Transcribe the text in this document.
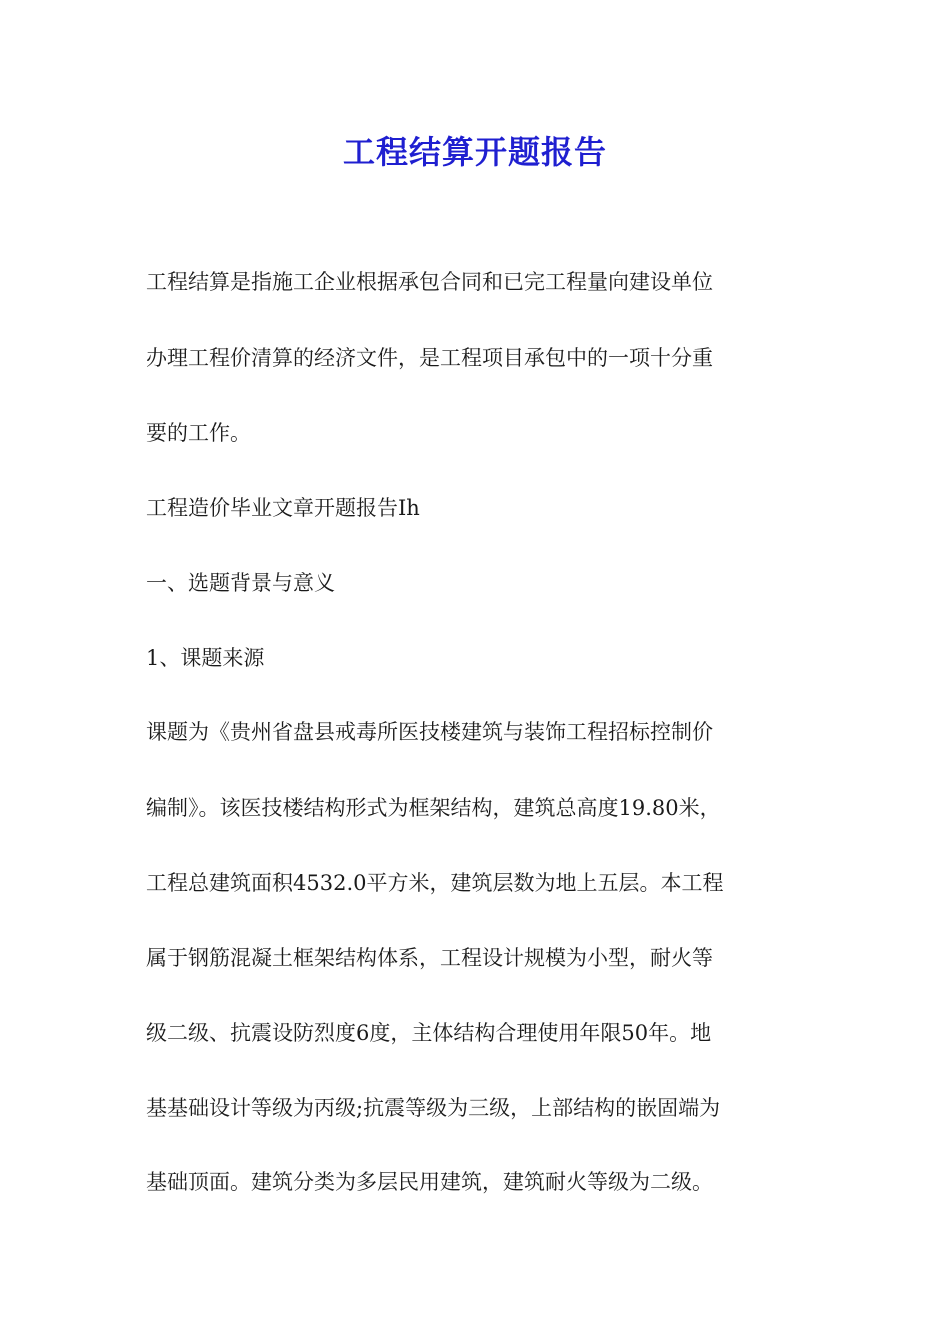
工程结算开题报告

工程结算是指施工企业根据承包合同和已完工程量向建设单位

办理工程价清算的经济文件，是工程项目承包中的一项十分重

要的工作。

工程造价毕业文章开题报告Ih

一、选题背景与意义

1、课题来源

课题为《贵州省盘县戒毒所医技楼建筑与装饰工程招标控制价

编制》。该医技楼结构形式为框架结构，建筑总高度19.80米，

工程总建筑面积4532.0平方米，建筑层数为地上五层。本工程

属于钢筋混凝土框架结构体系，工程设计规模为小型，耐火等

级二级、抗震设防烈度6度，主体结构合理使用年限50年。地

基基础设计等级为丙级;抗震等级为三级，上部结构的嵌固端为

基础顶面。建筑分类为多层民用建筑，建筑耐火等级为二级。
